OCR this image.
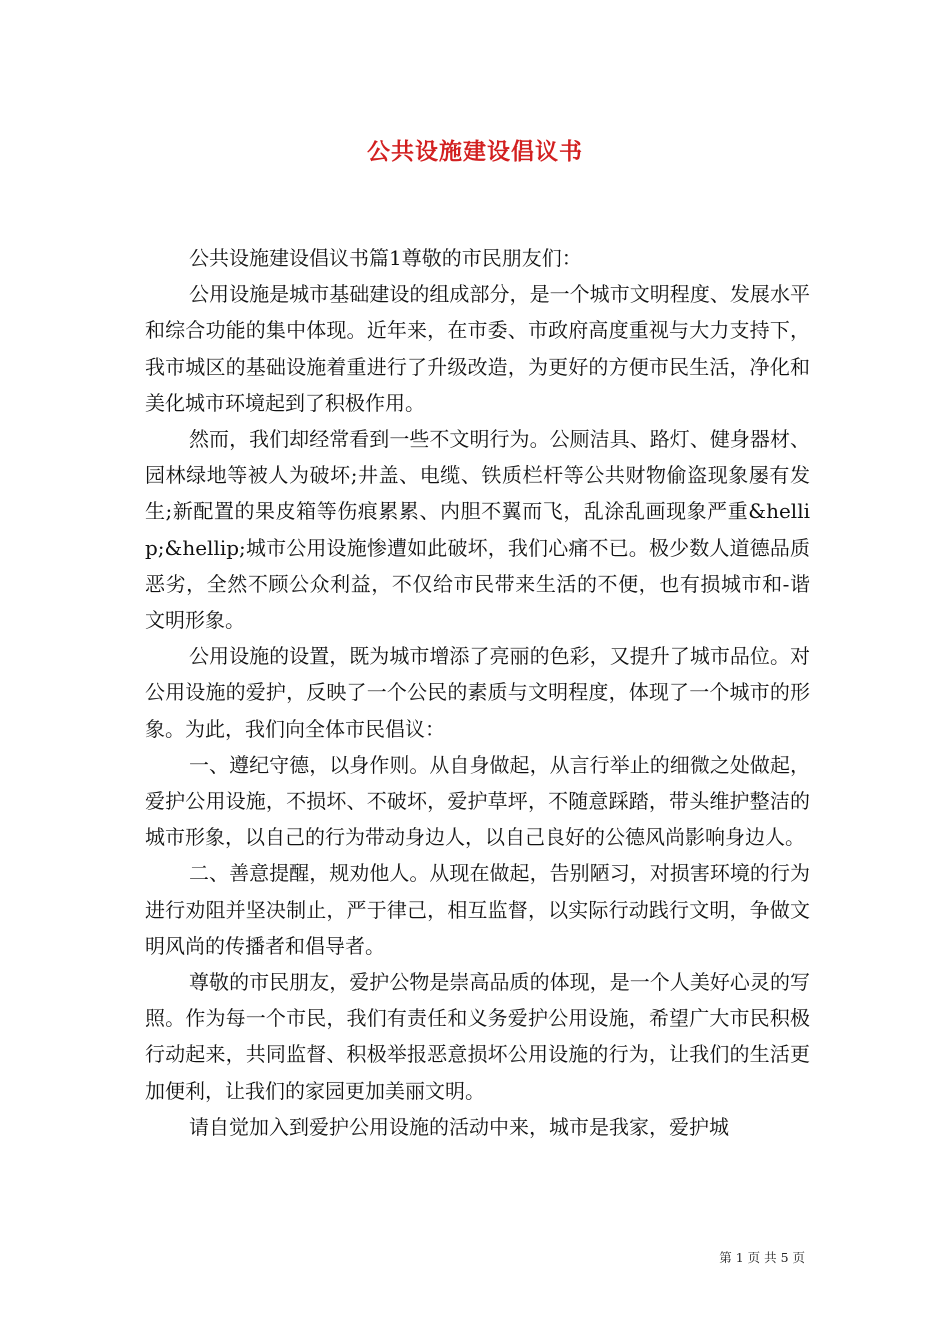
公共设施建设倡议书

公共设施建设倡议书篇1尊敬的市民朋友们：

公用设施是城市基础建设的组成部分，是一个城市文明程度、发展水平和综合功能的集中体现。近年来，在市委、市政府高度重视与大力支持下，我市城区的基础设施着重进行了升级改造，为更好的方便市民生活，净化和美化城市环境起到了积极作用。

然而，我们却经常看到一些不文明行为。公厕洁具、路灯、健身器材、园林绿地等被人为破坏;井盖、电缆、铁质栏杆等公共财物偷盗现象屡有发生;新配置的果皮箱等伤痕累累、内胆不翼而飞，乱涂乱画现象严重&hellip;&hellip;城市公用设施惨遭如此破坏，我们心痛不已。极少数人道德品质恶劣，全然不顾公众利益，不仅给市民带来生活的不便，也有损城市和-谐文明形象。

公用设施的设置，既为城市增添了亮丽的色彩，又提升了城市品位。对公用设施的爱护，反映了一个公民的素质与文明程度，体现了一个城市的形象。为此，我们向全体市民倡议：

一、遵纪守德，以身作则。从自身做起，从言行举止的细微之处做起，爱护公用设施，不损坏、不破坏，爱护草坪，不随意踩踏，带头维护整洁的城市形象，以自己的行为带动身边人，以自己良好的公德风尚影响身边人。

二、善意提醒，规劝他人。从现在做起，告别陋习，对损害环境的行为进行劝阻并坚决制止，严于律己，相互监督，以实际行动践行文明，争做文明风尚的传播者和倡导者。

尊敬的市民朋友，爱护公物是崇高品质的体现，是一个人美好心灵的写照。作为每一个市民，我们有责任和义务爱护公用设施，希望广大市民积极行动起来，共同监督、积极举报恶意损坏公用设施的行为，让我们的生活更加便利，让我们的家园更加美丽文明。

请自觉加入到爱护公用设施的活动中来，城市是我家，爱护城

第 1 页 共 5 页
